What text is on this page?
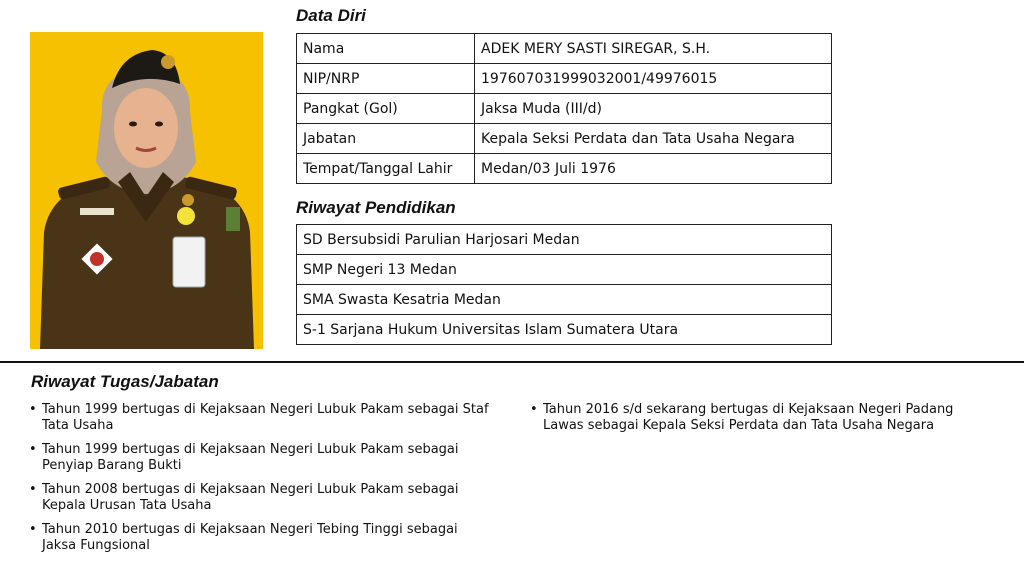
Data Diri
Nama	ADEK MERY SASTI SIREGAR, S.H.
NIP/NRP	197607031999032001/49976015
Pangkat (Gol)	Jaksa Muda (III/d)
Jabatan	Kepala Seksi Perdata dan Tata Usaha Negara
Tempat/Tanggal Lahir	Medan/03 Juli 1976
Riwayat Pendidikan
SD Bersubsidi Parulian Harjosari Medan
SMP Negeri 13 Medan
SMA Swasta Kesatria Medan
S-1 Sarjana Hukum Universitas Islam Sumatera Utara
Riwayat Tugas/Jabatan
• Tahun 1999 bertugas di Kejaksaan Negeri Lubuk Pakam sebagai Staf Tata Usaha
• Tahun 1999 bertugas di Kejaksaan Negeri Lubuk Pakam sebagai Penyiap Barang Bukti
• Tahun 2008 bertugas di Kejaksaan Negeri Lubuk Pakam sebagai Kepala Urusan Tata Usaha
• Tahun 2010 bertugas di Kejaksaan Negeri Tebing Tinggi sebagai Jaksa Fungsional
• Tahun 2016 s/d sekarang bertugas di Kejaksaan Negeri Padang Lawas sebagai Kepala Seksi Perdata dan Tata Usaha Negara
